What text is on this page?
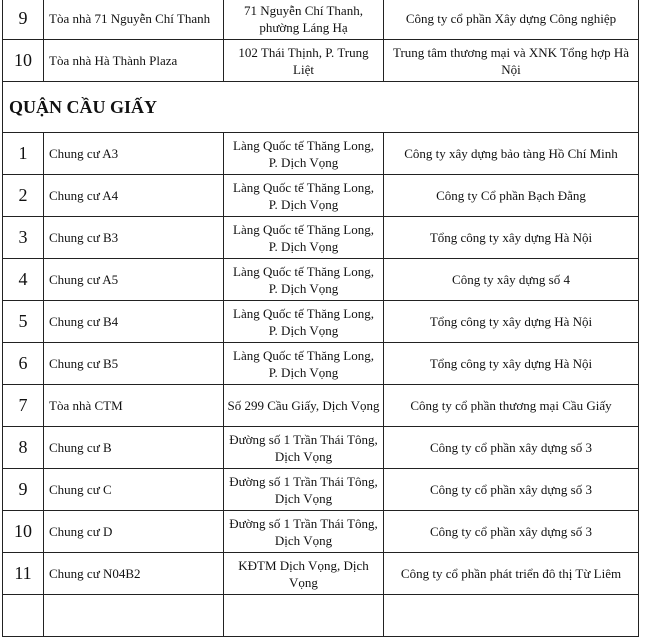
9	Tòa nhà 71 Nguyễn Chí Thanh	71 Nguyễn Chí Thanh, phường Láng Hạ	Công ty cổ phần Xây dựng Công nghiệp
10	Tòa nhà Hà Thành Plaza	102 Thái Thịnh, P. Trung Liệt	Trung tâm thương mại và XNK Tổng hợp Hà Nội
QUẬN CẦU GIẤY			
1	Chung cư A3	Làng Quốc tế Thăng Long, P. Dịch Vọng	Công ty xây dựng bảo tàng Hồ Chí Minh
2	Chung cư A4	Làng Quốc tế Thăng Long, P. Dịch Vọng	Công ty Cổ phần Bạch Đằng
3	Chung cư B3	Làng Quốc tế Thăng Long, P. Dịch Vọng	Tổng công ty xây dựng Hà Nội
4	Chung cư A5	Làng Quốc tế Thăng Long, P. Dịch Vọng	Công ty xây dựng số 4
5	Chung cư B4	Làng Quốc tế Thăng Long, P. Dịch Vọng	Tổng công ty xây dựng Hà Nội
6	Chung cư B5	Làng Quốc tế Thăng Long, P. Dịch Vọng	Tổng công ty xây dựng Hà Nội
7	Tòa nhà CTM	Số 299 Cầu Giấy, Dịch Vọng	Công ty cổ phần thương mại Cầu Giấy
8	Chung cư B	Đường số 1 Trần Thái Tông, Dịch Vọng	Công ty cổ phần xây dựng số 3
9	Chung cư C	Đường số 1 Trần Thái Tông, Dịch Vọng	Công ty cổ phần xây dựng số 3
10	Chung cư D	Đường số 1 Trần Thái Tông, Dịch Vọng	Công ty cổ phần xây dựng số 3
11	Chung cư N04B2	KĐTM Dịch Vọng, Dịch Vọng	Công ty cổ phần phát triển đô thị Từ Liêm
